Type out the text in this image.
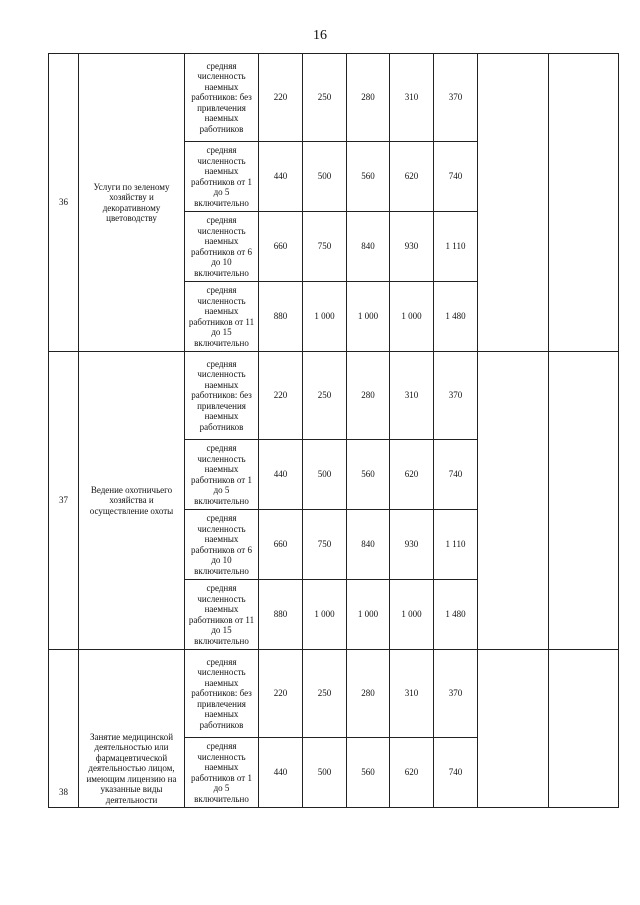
16
36	Услуги по зеленому хозяйству и декоративному цветоводству	средняя численность наемных работников: без привлечения наемных работников	220	250	280	310	370		
		средняя численность наемных работников от 1 до 5 включительно	440	500	560	620	740		
		средняя численность наемных работников от 6 до 10 включительно	660	750	840	930	1 110		
		средняя численность наемных работников от 11 до 15 включительно	880	1 000	1 000	1 000	1 480		
37	Ведение охотничьего хозяйства и осуществление охоты	средняя численность наемных работников: без привлечения наемных работников	220	250	280	310	370		
		средняя численность наемных работников от 1 до 5 включительно	440	500	560	620	740		
		средняя численность наемных работников от 6 до 10 включительно	660	750	840	930	1 110		
		средняя численность наемных работников от 11 до 15 включительно	880	1 000	1 000	1 000	1 480		
38	Занятие медицинской деятельностью или фармацевтической деятельностью лицом, имеющим лицензию на указанные виды деятельности	средняя численность наемных работников: без привлечения наемных работников	220	250	280	310	370		
		средняя численность наемных работников от 1 до 5 включительно	440	500	560	620	740		
